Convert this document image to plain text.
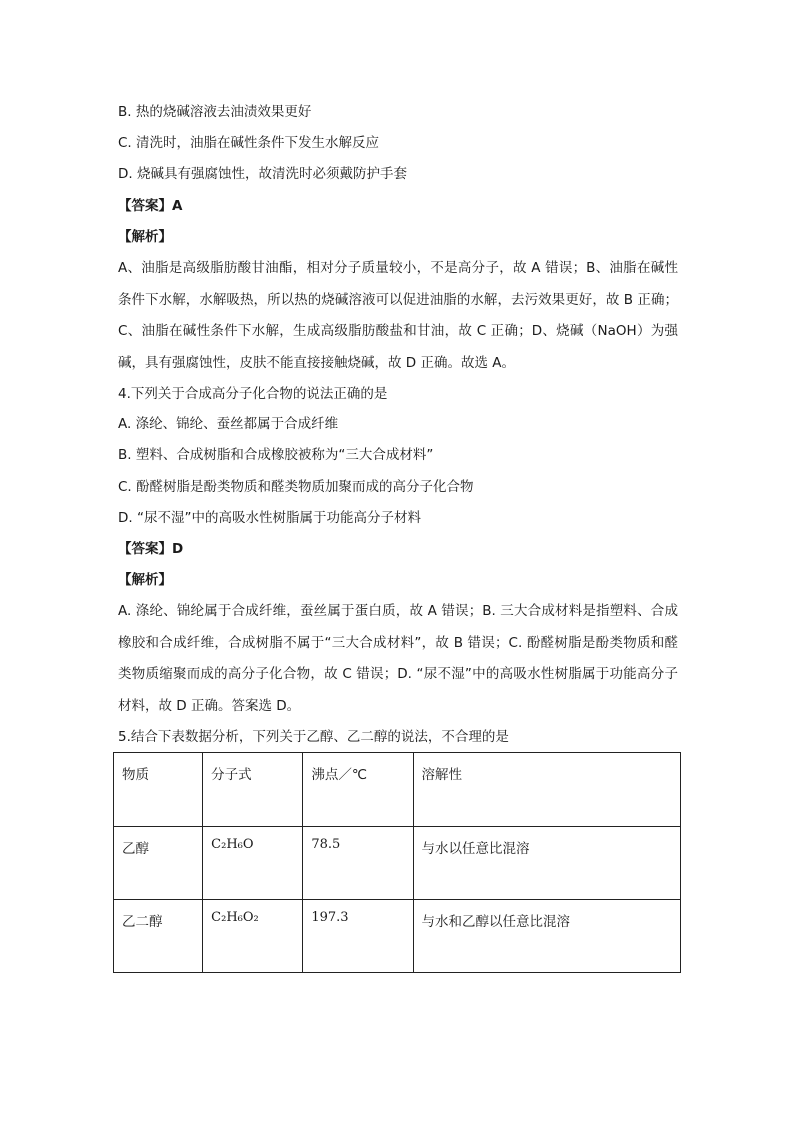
B. 热的烧碱溶液去油渍效果更好
C. 清洗时，油脂在碱性条件下发生水解反应
D. 烧碱具有强腐蚀性，故清洗时必须戴防护手套
【答案】A
【解析】
A、油脂是高级脂肪酸甘油酯，相对分子质量较小，不是高分子，故 A 错误；B、油脂在碱性条件下水解，水解吸热，所以热的烧碱溶液可以促进油脂的水解，去污效果更好，故 B 正确；C、油脂在碱性条件下水解，生成高级脂肪酸盐和甘油，故 C 正确；D、烧碱（NaOH）为强碱，具有强腐蚀性，皮肤不能直接接触烧碱，故 D 正确。故选 A。
4.下列关于合成高分子化合物的说法正确的是
A. 涤纶、锦纶、蚕丝都属于合成纤维
B. 塑料、合成树脂和合成橡胶被称为“三大合成材料”
C. 酚醛树脂是酚类物质和醛类物质加聚而成的高分子化合物
D. “尿不湿”中的高吸水性树脂属于功能高分子材料
【答案】D
【解析】
A. 涤纶、锦纶属于合成纤维，蚕丝属于蛋白质，故 A 错误；B. 三大合成材料是指塑料、合成橡胶和合成纤维，合成树脂不属于“三大合成材料”，故 B 错误；C. 酚醛树脂是酚类物质和醛类物质缩聚而成的高分子化合物，故 C 错误；D. “尿不湿”中的高吸水性树脂属于功能高分子材料，故 D 正确。答案选 D。
5.结合下表数据分析，下列关于乙醇、乙二醇的说法，不合理的是
物质	分子式	沸点／℃	溶解性
乙醇	C₂H₆O	78.5	与水以任意比混溶
乙二醇	C₂H₆O₂	197.3	与水和乙醇以任意比混溶
